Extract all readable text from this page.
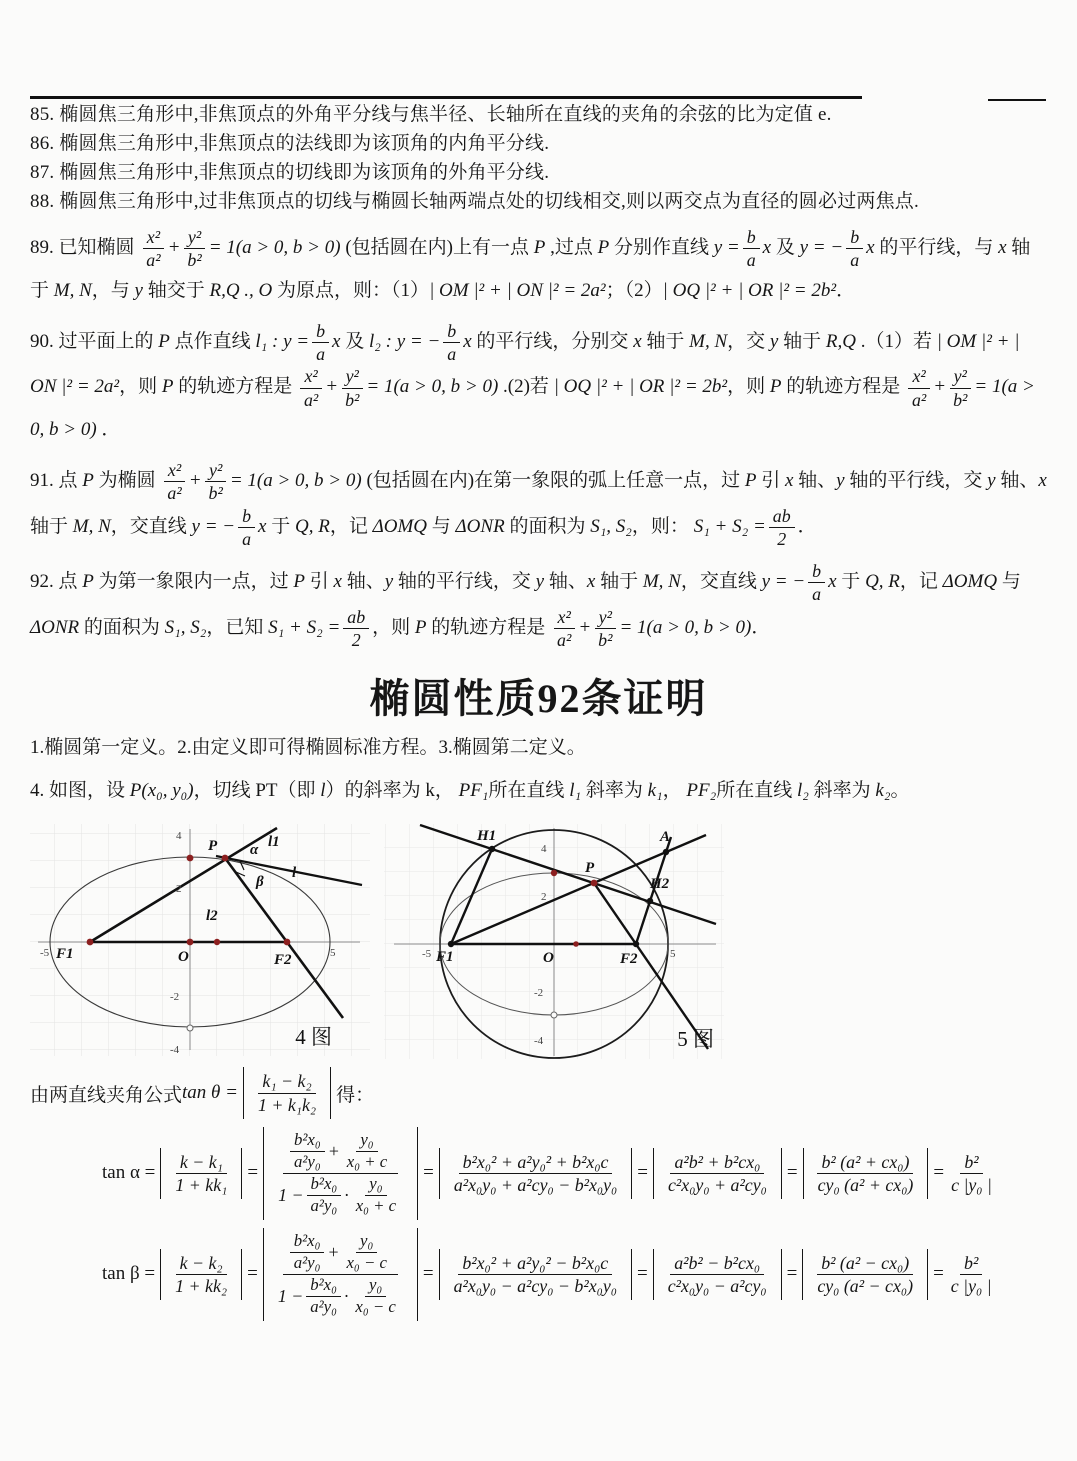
85. 椭圆焦三角形中,非焦顶点的外角平分线与焦半径、长轴所在直线的夹角的余弦的比为定值 e.

86. 椭圆焦三角形中,非焦顶点的法线即为该顶角的内角平分线.

87. 椭圆焦三角形中,非焦顶点的切线即为该顶角的外角平分线.

88. 椭圆焦三角形中,过非焦顶点的切线与椭圆长轴两端点处的切线相交,则以两交点为直径的圆必过两焦点.

89. 已知椭圆 $\frac{\text{x²}}{\text{a²}} + \frac{\text{y²}}{\text{b²}} = 1(a > 0$, b > 0) (包括圆在内)上有一点 P ,过点 P 分别作直线 $y = \frac{b}{a}$ x 及 y = − $\frac{b}{a}$ x 的平行线，与 x 轴于 M, N，与 y 轴交于 R,Q ., O 为原点，则：（1）| OM |² + | ON |² = 2a²；（2）| OQ |² + | OR |² = 2b²．

90. 过平面上的 P 点作直线 l₁ : $y = \frac{b}{a}$ x 及 l₂ : y = − $\frac{b}{a}$ x 的平行线，分别交 x 轴于 M, N，交 y 轴于 R,Q .（1）若 | OM |² + | ON |² = 2a²，则 P 的轨迹方程是 $\frac{\text{x²}}{\text{a²}} + \frac{\text{y²}}{\text{b²}} = 1(a > 0$, b > 0) .(2)若 | OQ |² + | OR |² = 2b²，则 P 的轨迹方程是 $\frac{\text{x²}}{\text{a²}} + \frac{\text{y²}}{\text{b²}} = 1(a > 0$, b > 0) ．

91. 点 P 为椭圆 $\frac{\text{x²}}{\text{a²}} + \frac{\text{y²}}{\text{b²}} = 1(a > 0$, b > 0) (包括圆在内)在第一象限的弧上任意一点，过 P 引 x 轴、y 轴的平行线，交 y 轴、x 轴于 M, N，交直线 y = − $\frac{b}{a}$ x 于 Q, R，记 ΔOMQ 与 ΔONR 的面积为 S₁, S₂，则： $S_1 + S_2 = \frac{ab}{2}$ ．

92. 点 P 为第一象限内一点，过 P 引 x 轴、y 轴的平行线，交 y 轴、x 轴于 M, N，交直线 y = − $\frac{b}{a}$ x 于 Q, R，记 ΔOMQ 与 ΔONR 的面积为 S₁, S₂，已知 $S_1 + S_2 = \frac{ab}{2}$ ，则 P 的轨迹方程是 $\frac{\text{x²}}{\text{a²}} + \frac{\text{y²}}{\text{b²}} = 1(a > 0$, b > 0)．

椭圆性质92条证明

1.椭圆第一定义。2.由定义即可得椭圆标准方程。3.椭圆第二定义。

4. 如图，设 P(x₀, y₀)，切线 PT（即 l）的斜率为 k， PF₁所在直线 l₁ 斜率为 k₁， PF₂所在直线 l₂ 斜率为 k₂。

P α
β
l1
l
l2
F1	O	F2
4
2
-2
-4
5
-5
4 图
H1	A
P
H2
F1	O	F2
4
2
-2
-4
5
-5
5 图

由两直线夹角公式 $\tan \theta = \frac{\text{k₁ − k₂}}{\text{1 + k₁k₂}}$ 得：

$\tan \alpha = \frac{\text{k − k₁}}{\text{1 + kk₁}} = \frac{\frac{\text{b²x₀}}{\text{a²y₀}} + \frac{\text{y₀}}{\text{x₀ + c}}}{1 - \frac{\text{b²x₀}}{\text{a²y₀}} \cdot \frac{\text{y₀}}{\text{x₀ + c}}} = \frac{\text{b²x₀² + a²y₀² + b²x₀c}}{\text{a²x₀y₀ + a²cy₀ − b²x₀y₀}} = \frac{\text{a²b² + b²cx₀}}{\text{c²x₀y₀ + a²cy₀}} = \frac{\text{b² (a² + cx₀)}}{\text{cy₀ (a² + cx₀)}} = \frac{\text{b²}}{\text{c |y₀ |}}$

$\tan \beta = \frac{\text{k − k₂}}{\text{1 + kk₂}} = \frac{\frac{\text{b²x₀}}{\text{a²y₀}} + \frac{\text{y₀}}{\text{x₀ − c}}}{1 - \frac{\text{b²x₀}}{\text{a²y₀}} \cdot \frac{\text{y₀}}{\text{x₀ − c}}} = \frac{\text{b²x₀² + a²y₀² − b²x₀c}}{\text{a²x₀y₀ − a²cy₀ − b²x₀y₀}} = \frac{\text{a²b² − b²cx₀}}{\text{c²x₀y₀ − a²cy₀}} = \frac{\text{b² (a² − cx₀)}}{\text{cy₀ (a² − cx₀)}} = \frac{\text{b²}}{\text{c |y₀ |}}$
